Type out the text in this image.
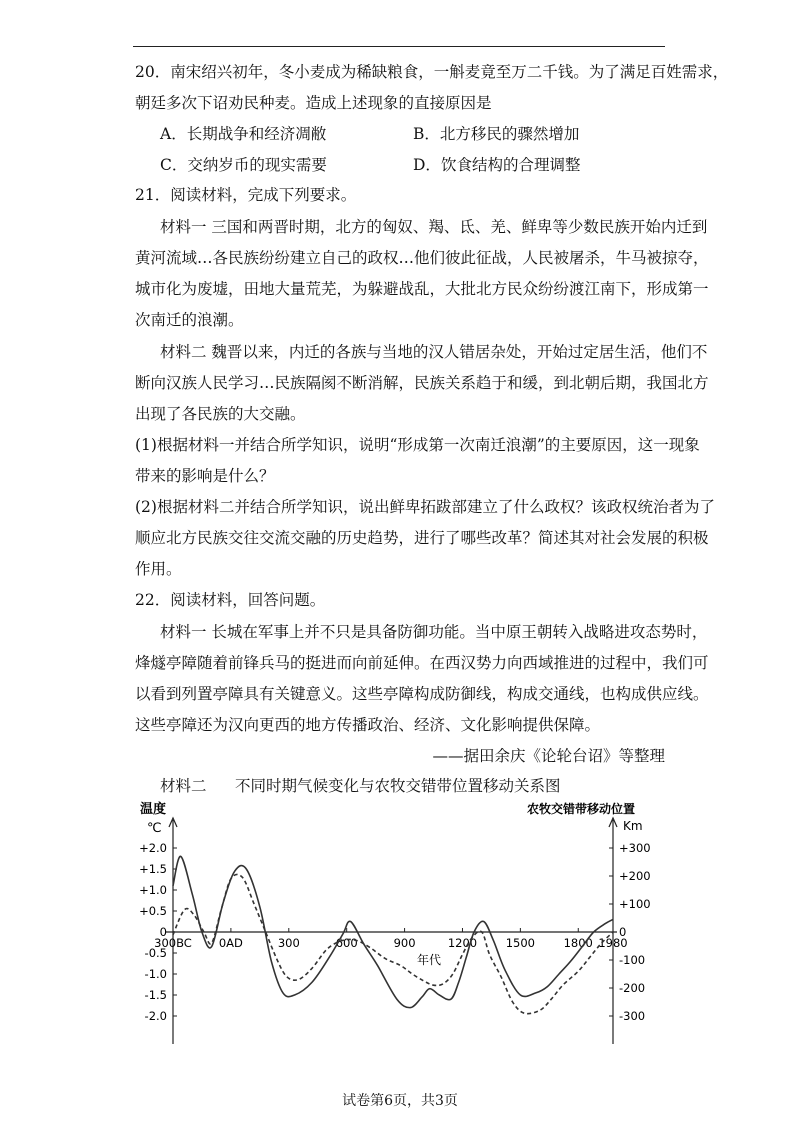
20．南宋绍兴初年，冬小麦成为稀缺粮食，一斛麦竟至万二千钱。为了满足百姓需求，
朝廷多次下诏劝民种麦。造成上述现象的直接原因是
A．长期战争和经济凋敝	B．北方移民的骤然增加
C．交纳岁币的现实需要	D．饮食结构的合理调整
21．阅读材料，完成下列要求。
材料一 三国和两晋时期，北方的匈奴、羯、氐、羌、鲜卑等少数民族开始内迁到
黄河流域…各民族纷纷建立自己的政权…他们彼此征战，人民被屠杀，牛马被掠夺，
城市化为废墟，田地大量荒芜，为躲避战乱，大批北方民众纷纷渡江南下，形成第一
次南迁的浪潮。
材料二 魏晋以来，内迁的各族与当地的汉人错居杂处，开始过定居生活，他们不
断向汉族人民学习…民族隔阂不断消解，民族关系趋于和缓，到北朝后期，我国北方
出现了各民族的大交融。
(1)根据材料一并结合所学知识，说明“形成第一次南迁浪潮”的主要原因，这一现象
带来的影响是什么？
(2)根据材料二并结合所学知识，说出鲜卑拓跋部建立了什么政权？该政权统治者为了
顺应北方民族交往交流交融的历史趋势，进行了哪些改革？简述其对社会发展的积极
作用。
22．阅读材料，回答问题。
材料一 长城在军事上并不只是具备防御功能。当中原王朝转入战略进攻态势时，
烽燧亭障随着前锋兵马的挺进而向前延伸。在西汉势力向西域推进的过程中，我们可
以看到列置亭障具有关键意义。这些亭障构成防御线，构成交通线，也构成供应线。
这些亭障还为汉向更西的地方传播政治、经济、文化影响提供保障。
——据田余庆《论轮台诏》等整理
材料二 不同时期气候变化与农牧交错带位置移动关系图
温度	农牧交错带移动位置
℃	Km
+2.0
+1.5
+1.0
+0.5
0
-0.5
-1.0
-1.5
-2.0
+300
+200
+100
0
-100
-200
-300
300BC 0AD	300	600	900	1200 1500 1800 1980
年代
试卷第6页，共3页
